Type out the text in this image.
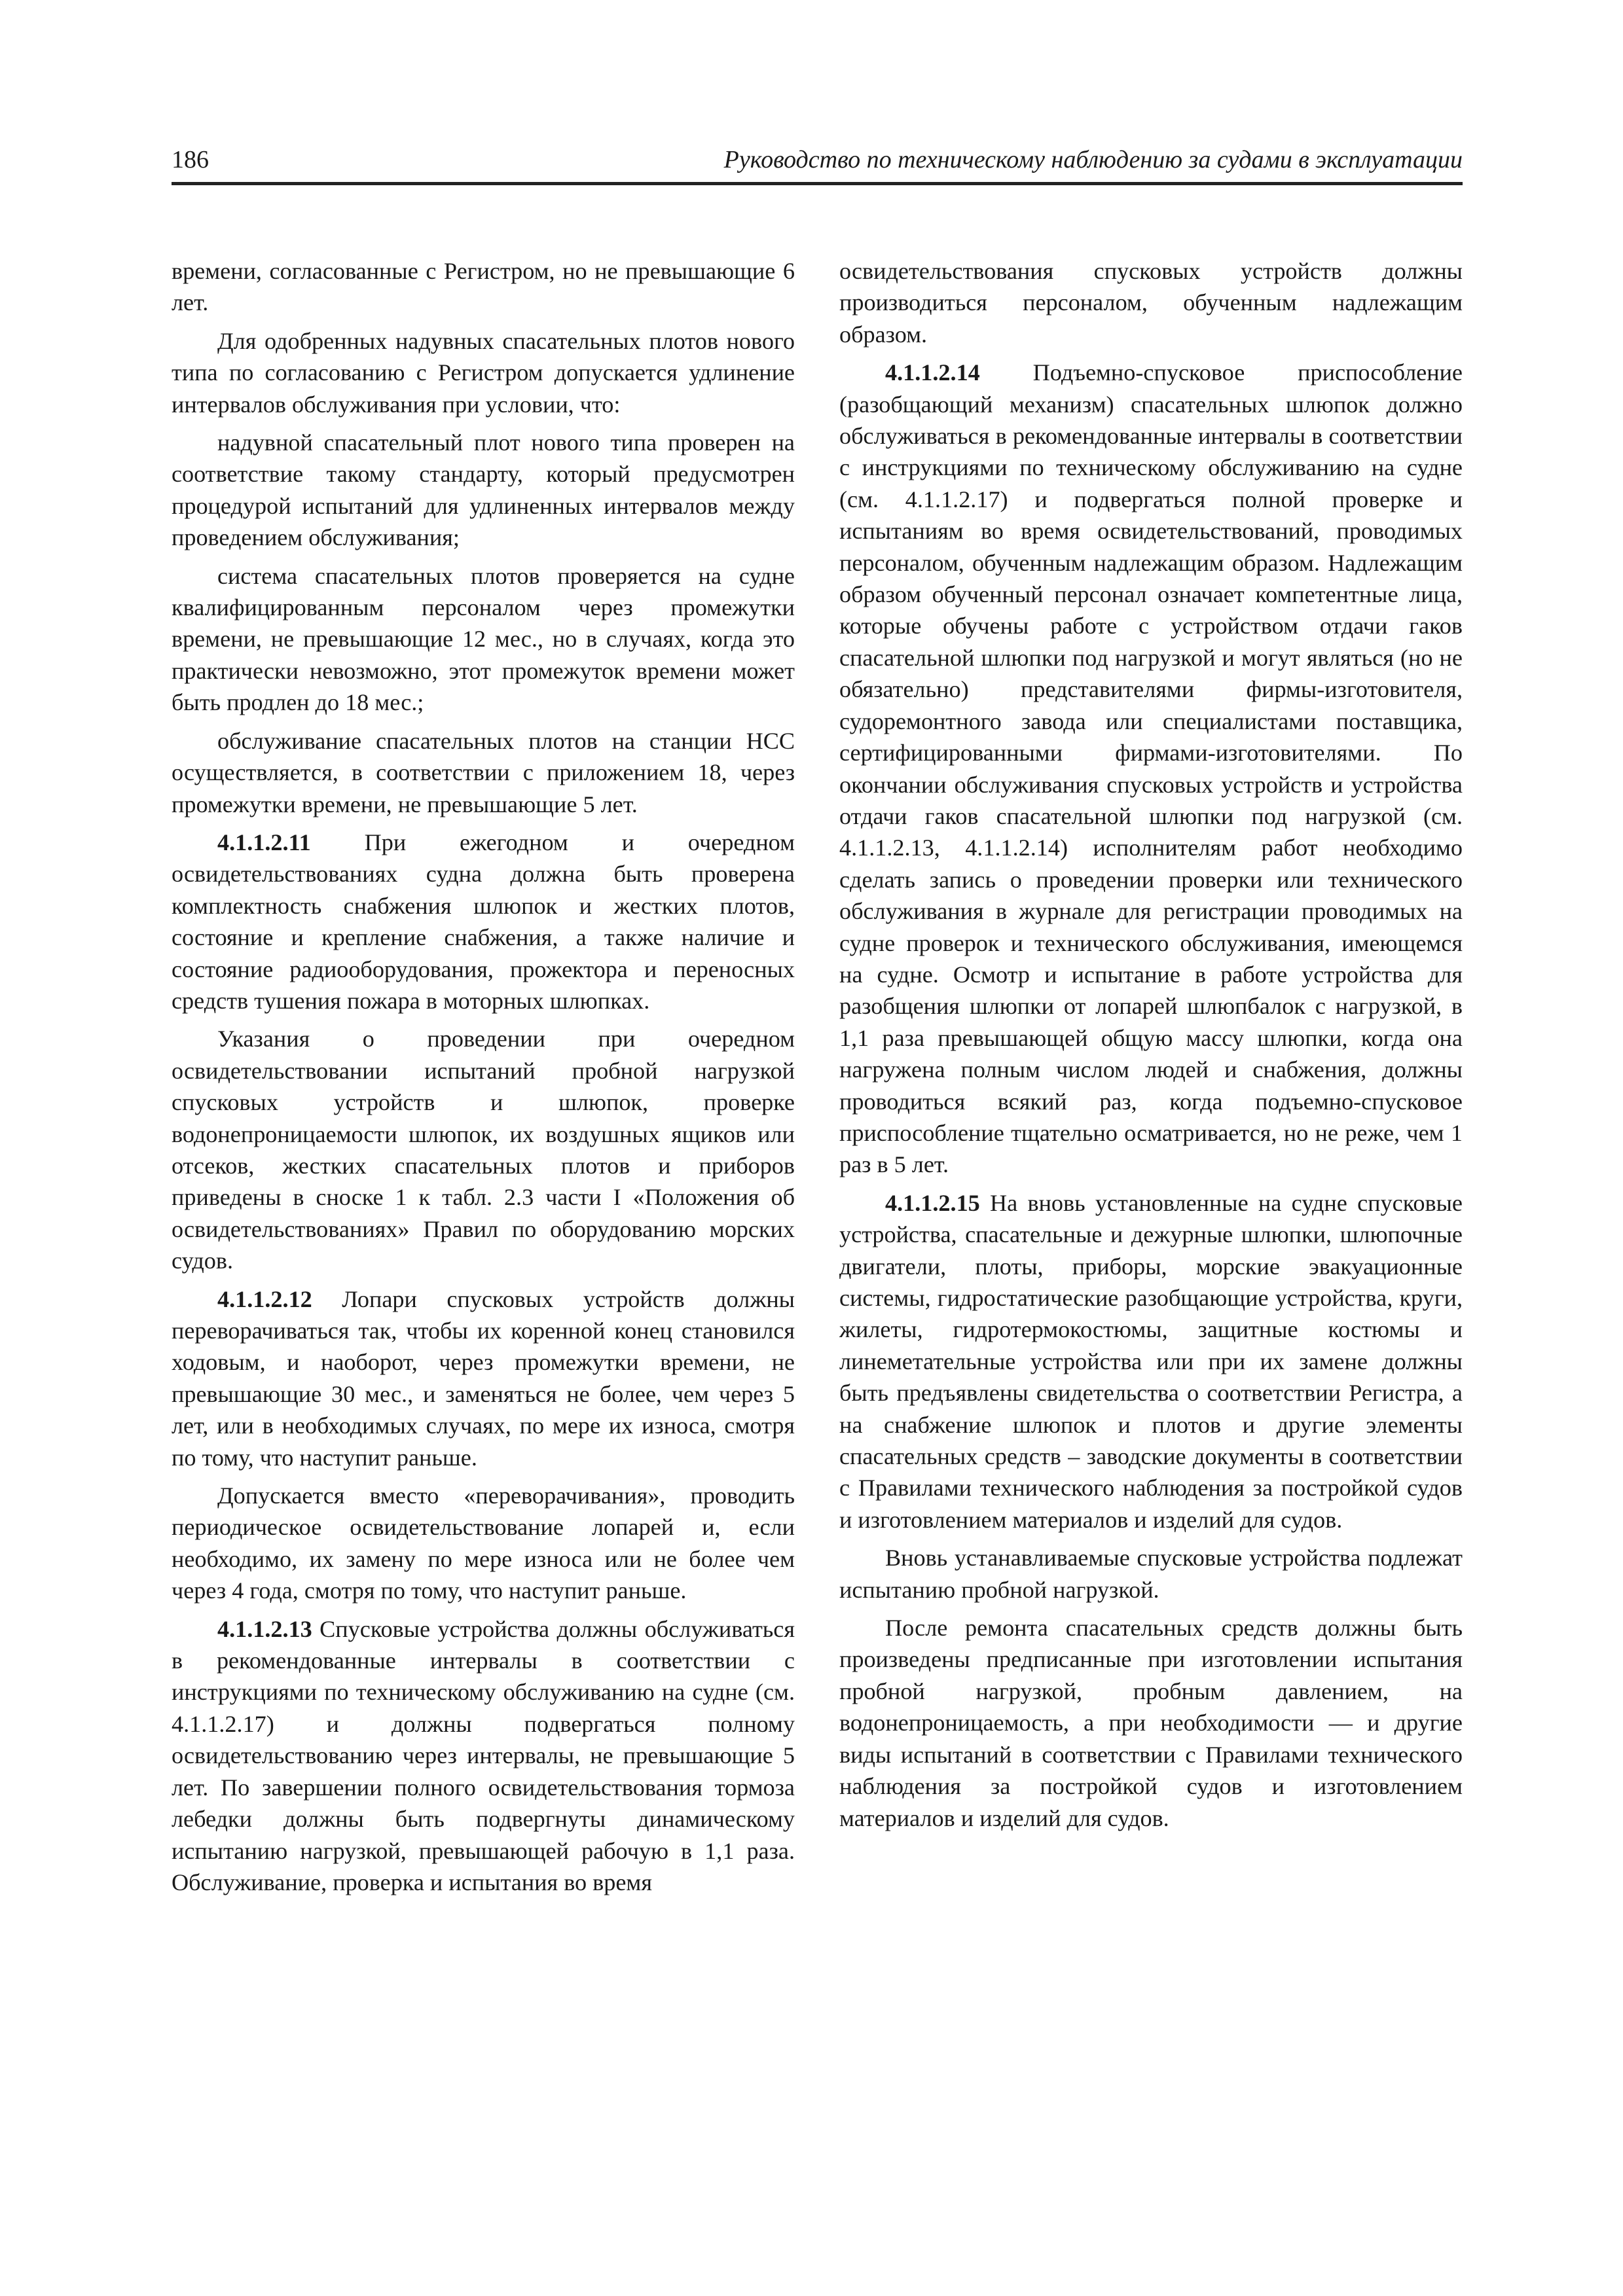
186	Руководство по техническому наблюдению за судами в эксплуатации

времени, согласованные с Регистром, но не превышающие 6 лет.

Для одобренных надувных спасательных плотов нового типа по согласованию с Регистром допускается удлинение интервалов обслуживания при условии, что:

надувной спасательный плот нового типа проверен на соответствие такому стандарту, который предусмотрен процедурой испытаний для удлиненных интервалов между проведением обслуживания;

система спасательных плотов проверяется на судне квалифицированным персоналом через промежутки времени, не превышающие 12 мес., но в случаях, когда это практически невозможно, этот промежуток времени может быть продлен до 18 мес.;

обслуживание спасательных плотов на станции НСС осуществляется, в соответствии с приложением 18, через промежутки времени, не превышающие 5 лет.

4.1.1.2.11 При ежегодном и очередном освидетельствованиях судна должна быть проверена комплектность снабжения шлюпок и жестких плотов, состояние и крепление снабжения, а также наличие и состояние радиооборудования, прожектора и переносных средств тушения пожара в моторных шлюпках.

Указания о проведении при очередном освидетельствовании испытаний пробной нагрузкой спусковых устройств и шлюпок, проверке водонепроницаемости шлюпок, их воздушных ящиков или отсеков, жестких спасательных плотов и приборов приведены в сноске 1 к табл. 2.3 части I «Положения об освидетельствованиях» Правил по оборудованию морских судов.

4.1.1.2.12 Лопари спусковых устройств должны переворачиваться так, чтобы их коренной конец становился ходовым, и наоборот, через промежутки времени, не превышающие 30 мес., и заменяться не более, чем через 5 лет, или в необходимых случаях, по мере их износа, смотря по тому, что наступит раньше.

Допускается вместо «переворачивания», проводить периодическое освидетельствование лопарей и, если необходимо, их замену по мере износа или не более чем через 4 года, смотря по тому, что наступит раньше.

4.1.1.2.13 Спусковые устройства должны обслуживаться в рекомендованные интервалы в соответствии с инструкциями по техническому обслуживанию на судне (см. 4.1.1.2.17) и должны подвергаться полному освидетельствованию через интервалы, не превышающие 5 лет. По завершении полного освидетельствования тормоза лебедки должны быть подвергнуты динамическому испытанию нагрузкой, превышающей рабочую в 1,1 раза. Обслуживание, проверка и испытания во время

освидетельствования спусковых устройств должны производиться персоналом, обученным надлежащим образом.

4.1.1.2.14 Подъемно-спусковое приспособление (разобщающий механизм) спасательных шлюпок должно обслуживаться в рекомендованные интервалы в соответствии с инструкциями по техническому обслуживанию на судне (см. 4.1.1.2.17) и подвергаться полной проверке и испытаниям во время освидетельствований, проводимых персоналом, обученным надлежащим образом. Надлежащим образом обученный персонал означает компетентные лица, которые обучены работе с устройством отдачи гаков спасательной шлюпки под нагрузкой и могут являться (но не обязательно) представителями фирмы-изготовителя, судоремонтного завода или специалистами поставщика, сертифицированными фирмами-изготовителями. По окончании обслуживания спусковых устройств и устройства отдачи гаков спасательной шлюпки под нагрузкой (см. 4.1.1.2.13, 4.1.1.2.14) исполнителям работ необходимо сделать запись о проведении проверки или технического обслуживания в журнале для регистрации проводимых на судне проверок и технического обслуживания, имеющемся на судне. Осмотр и испытание в работе устройства для разобщения шлюпки от лопарей шлюпбалок с нагрузкой, в 1,1 раза превышающей общую массу шлюпки, когда она нагружена полным числом людей и снабжения, должны проводиться всякий раз, когда подъемно-спусковое приспособление тщательно осматривается, но не реже, чем 1 раз в 5 лет.

4.1.1.2.15 На вновь установленные на судне спусковые устройства, спасательные и дежурные шлюпки, шлюпочные двигатели, плоты, приборы, морские эвакуационные системы, гидростатические разобщающие устройства, круги, жилеты, гидротермокостюмы, защитные костюмы и линеметательные устройства или при их замене должны быть предъявлены свидетельства о соответствии Регистра, а на снабжение шлюпок и плотов и другие элементы спасательных средств – заводские документы в соответствии с Правилами технического наблюдения за постройкой судов и изготовлением материалов и изделий для судов.

Вновь устанавливаемые спусковые устройства подлежат испытанию пробной нагрузкой.

После ремонта спасательных средств должны быть произведены предписанные при изготовлении испытания пробной нагрузкой, пробным давлением, на водонепроницаемость, а при необходимости — и другие виды испытаний в соответствии с Правилами технического наблюдения за постройкой судов и изготовлением материалов и изделий для судов.
